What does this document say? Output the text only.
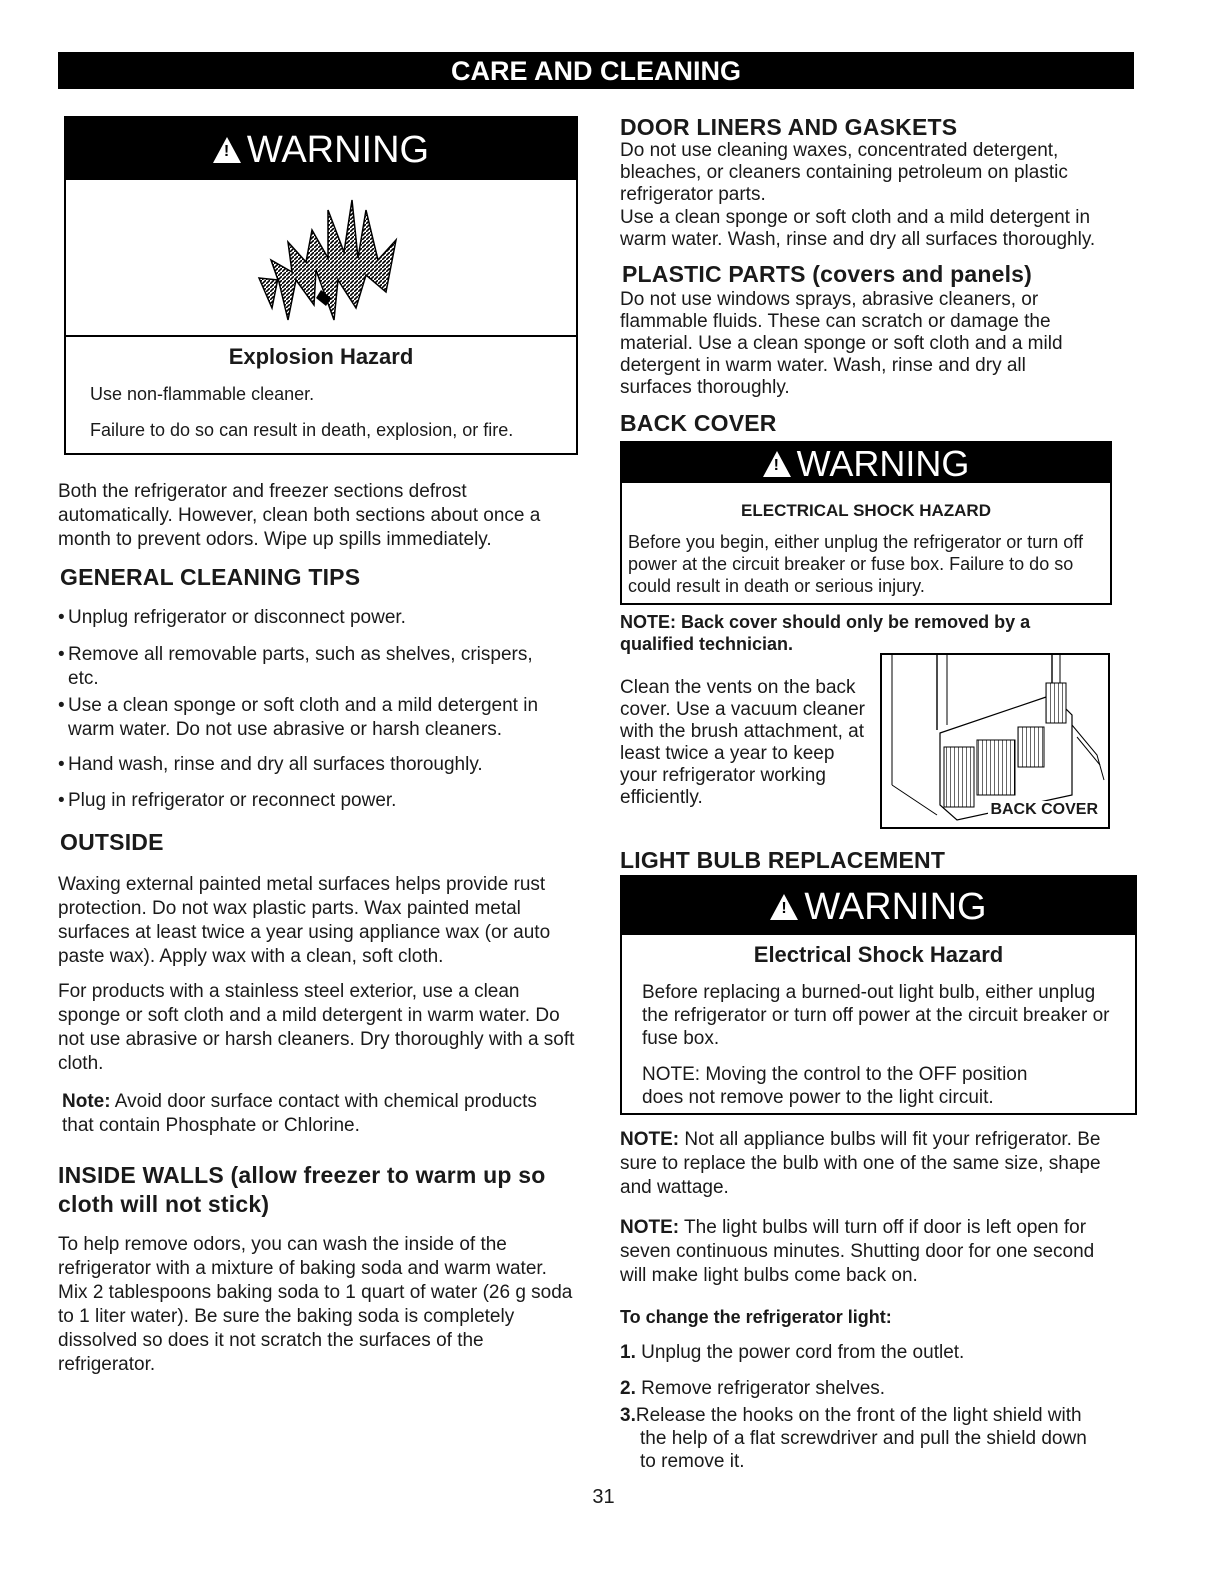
CARE AND CLEANING
!WARNING
Explosion Hazard
Use non-flammable cleaner.
Failure to do so can result in death, explosion, or fire.

Both the refrigerator and freezer sections defrost automatically. However, clean both sections about once a month to prevent odors. Wipe up spills immediately.

GENERAL CLEANING TIPS
• Unplug refrigerator or disconnect power.
• Remove all removable parts, such as shelves, crispers, etc.
• Use a clean sponge or soft cloth and a mild detergent in warm water. Do not use abrasive or harsh cleaners.
• Hand wash, rinse and dry all surfaces thoroughly.
• Plug in refrigerator or reconnect power.
OUTSIDE

Waxing external painted metal surfaces helps provide rust protection. Do not wax plastic parts. Wax painted metal surfaces at least twice a year using appliance wax (or auto paste wax). Apply wax with a clean, soft cloth.

For products with a stainless steel exterior, use a clean sponge or soft cloth and a mild detergent in warm water. Do not use abrasive or harsh cleaners. Dry thoroughly with a soft cloth.

Note: Avoid door surface contact with chemical products that contain Phosphate or Chlorine.

INSIDE WALLS (allow freezer to warm up so cloth will not stick)

To help remove odors, you can wash the inside of the refrigerator with a mixture of baking soda and warm water. Mix 2 tablespoons baking soda to 1 quart of water (26 g soda to 1 liter water). Be sure the baking soda is completely dissolved so does it not scratch the surfaces of the refrigerator.

DOOR LINERS AND GASKETS

Do not use cleaning waxes, concentrated detergent, bleaches, or cleaners containing petroleum on plastic refrigerator parts.

Use a clean sponge or soft cloth and a mild detergent in warm water. Wash, rinse and dry all surfaces thoroughly.

PLASTIC PARTS (covers and panels)

Do not use windows sprays, abrasive cleaners, or flammable fluids. These can scratch or damage the material. Use a clean sponge or soft cloth and a mild detergent in warm water. Wash, rinse and dry all surfaces thoroughly.

BACK COVER
!WARNING
ELECTRICAL SHOCK HAZARD
Before you begin, either unplug the refrigerator or turn off power at the circuit breaker or fuse box. Failure to do so could result in death or serious injury.

NOTE: Back cover should only be removed by a qualified technician.

Clean the vents on the back cover. Use a vacuum cleaner with the brush attachment, at least twice a year to keep your refrigerator working efficiently.

BACK COVER
LIGHT BULB REPLACEMENT
!WARNING
Electrical Shock Hazard
Before replacing a burned-out light bulb, either unplug the refrigerator or turn off power at the circuit breaker or fuse box.
NOTE: Moving the control to the OFF position does not remove power to the light circuit.

NOTE: Not all appliance bulbs will fit your refrigerator. Be sure to replace the bulb with one of the same size, shape and wattage.

NOTE: The light bulbs will turn off if door is left open for seven continuous minutes. Shutting door for one second will make light bulbs come back on.

To change the refrigerator light:

1. Unplug the power cord from the outlet.

2. Remove refrigerator shelves.

3.Release the hooks on the front of the light shield with the help of a flat screwdriver and pull the shield down to remove it.

31
